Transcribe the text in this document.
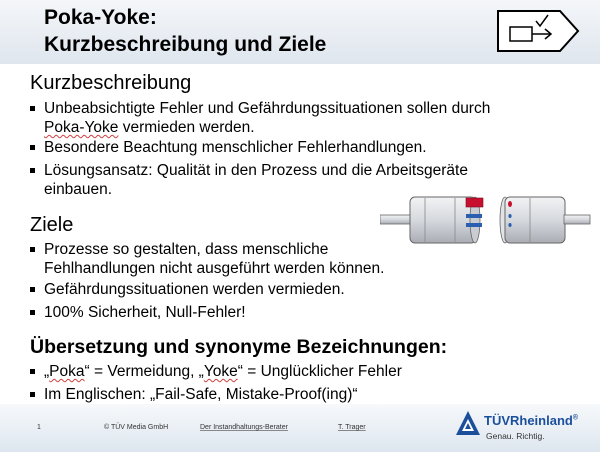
Poka-Yoke:
Kurzbeschreibung und Ziele
Kurzbeschreibung
Unbeabsichtigte Fehler und Gefährdungssituationen sollen durch
Poka-Yoke vermieden werden.
Besondere Beachtung menschlicher Fehlerhandlungen.
Lösungsansatz: Qualität in den Prozess und die Arbeitsgeräte
einbauen.
Ziele
Prozesse so gestalten, dass menschliche
Fehlhandlungen nicht ausgeführt werden können.
Gefährdungssituationen werden vermieden.
100% Sicherheit, Null-Fehler!
Übersetzung und synonyme Bezeichnungen:
„Poka“ = Vermeidung, „Yoke“ = Unglücklicher Fehler
Im Englischen: „Fail-Safe, Mistake-Proof(ing)“
1	© TÜV Media GmbH	Der Instandhaltungs-Berater	T. Trager	TÜVRheinland®
Genau. Richtig.
